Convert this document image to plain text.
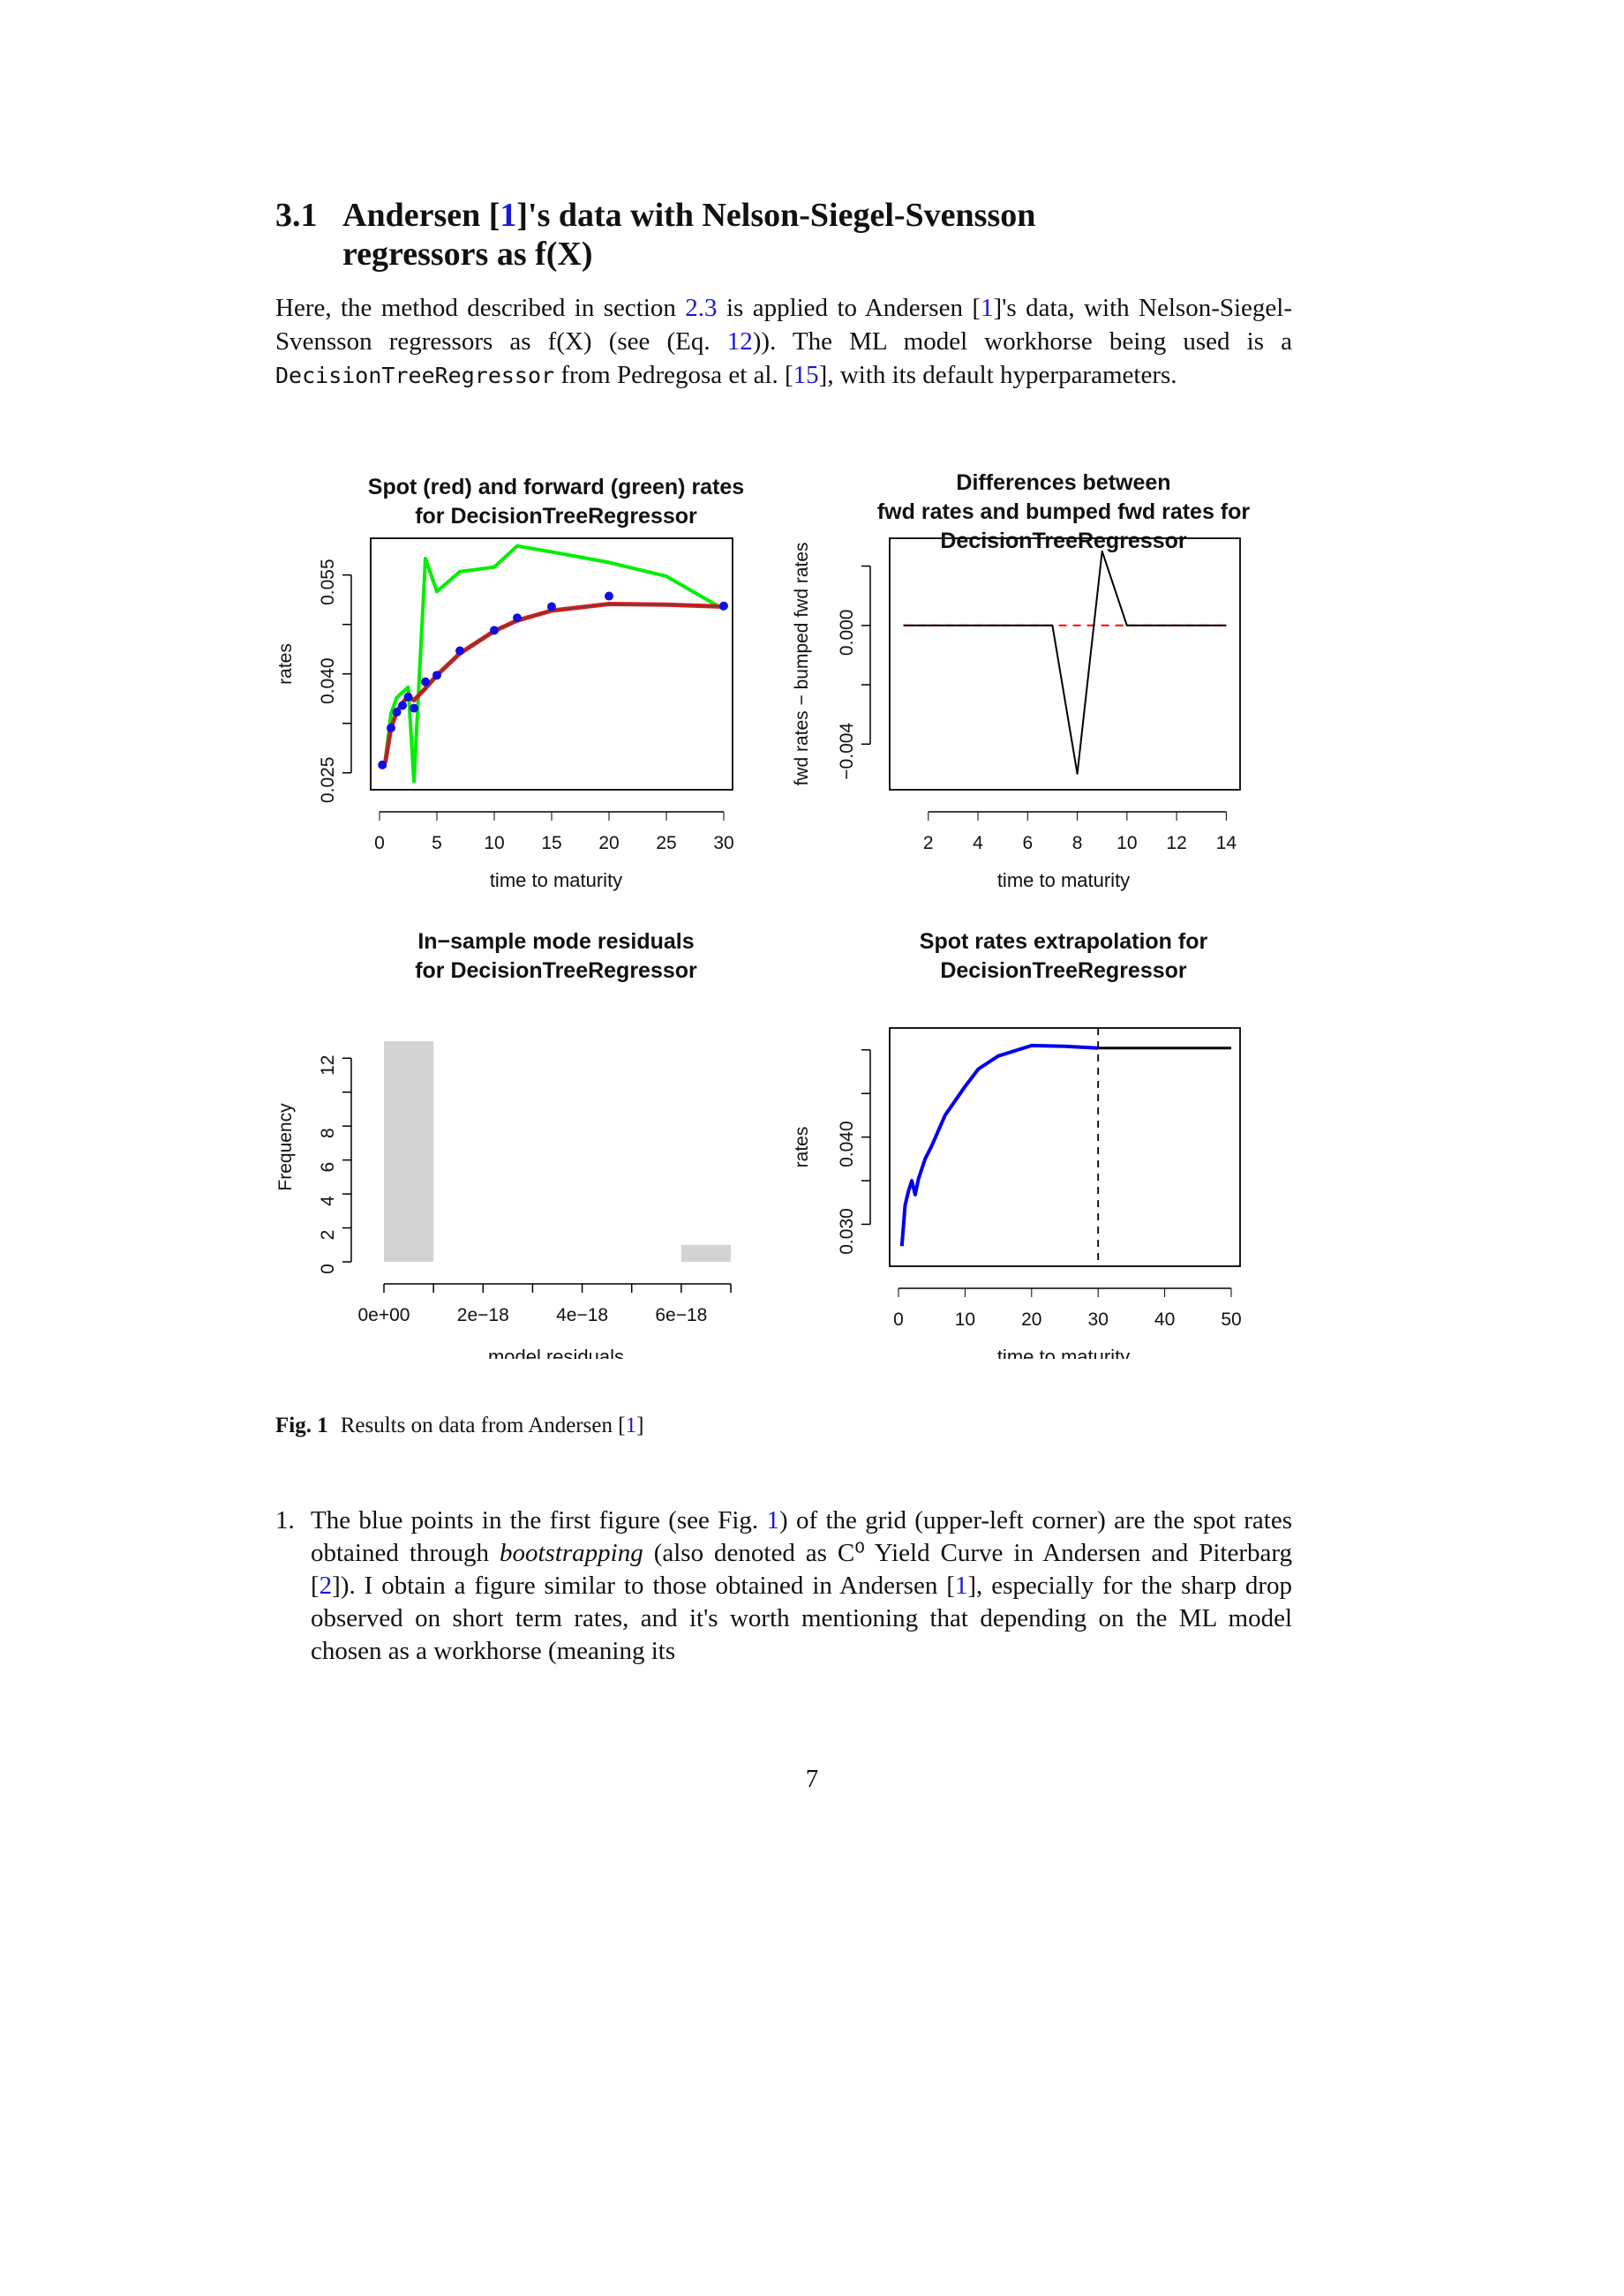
3.1 Andersen [1]'s data with Nelson-Siegel-Svensson
regressors as f(X)
Here, the method described in section 2.3 is applied to Andersen [1]'s data, with Nelson-Siegel-Svensson regressors as f(X) (see (Eq. 12)). The ML model workhorse being used is a DecisionTreeRegressor from Pedregosa et al. [15], with its default hyperparameters.
Spot (red) and forward (green) rates
for DecisionTreeRegressor
time to maturity
rates
0	5 10 15 20 25 30
0.025
0.040
0.055
Differences between
fwd rates and bumped fwd rates for
DecisionTreeRegressor
time to maturity
fwd rates − bumped fwd rates
2 4 6 8 10 12 14
−0.004
0.000
In−sample mode residuals
for DecisionTreeRegressor
model residuals
Frequency
0e+00	2e−18	4e−18	6e−18
0
2
4
6
8
12
Spot rates extrapolation for
DecisionTreeRegressor
time to maturity
rates
0	10 20 30 40 50
0.030
0.040
Fig. 1 Results on data from Andersen [1]
1. The blue points in the first figure (see Fig. 1) of the grid (upper-left corner) are the spot rates obtained through bootstrapping (also denoted as C⁰ Yield Curve in Andersen and Piterbarg [2]). I obtain a figure similar to those obtained in Andersen [1], especially for the sharp drop observed on short term rates, and it's worth mentioning that depending on the ML model chosen as a workhorse (meaning its
7
